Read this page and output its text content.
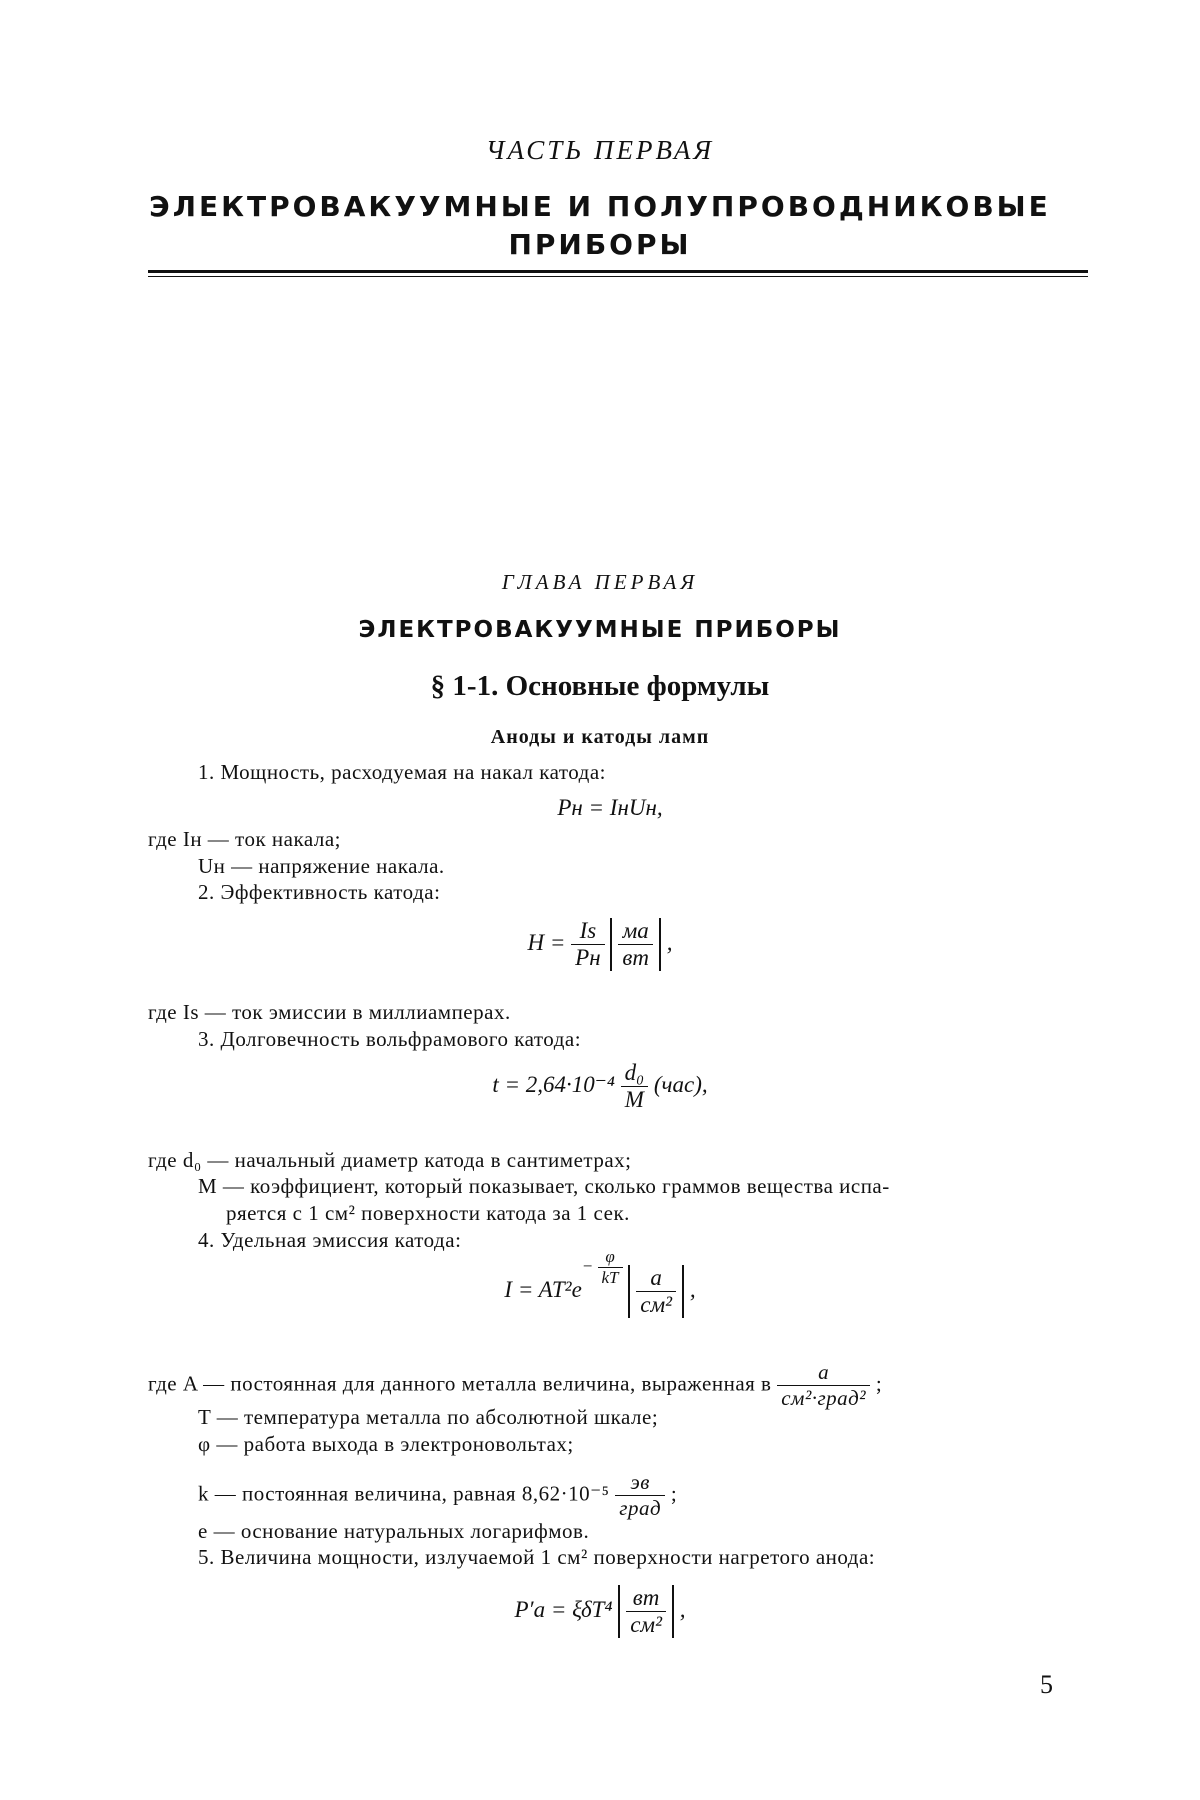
ЧАСТЬ ПЕРВАЯ
ЭЛЕКТРОВАКУУМНЫЕ И ПОЛУПРОВОДНИКОВЫЕ
ПРИБОРЫ
ГЛАВА ПЕРВАЯ
ЭЛЕКТРОВАКУУМНЫЕ ПРИБОРЫ
§ 1-1. Основные формулы
Аноды и катоды ламп
1. Мощность, расходуемая на накал катода:
Pн = IнUн,
где Iн — ток накала;
Uн — напряжение накала.
2. Эффективность катода:
$H = \frac{Is}{Pн}$
$\frac{ма}{вт}$ ,
где Is — ток эмиссии в миллиамперах.
3. Долговечность вольфрамового катода:
$t = 2,64\cdot 10^{-4} \frac{\text{d₀}}{M} (час)$,
где d₀ — начальный диаметр катода в сантиметрах;
M — коэффициент, который показывает, сколько граммов вещества испа-
ряется с 1 см² поверхности катода за 1 сек.
4. Удельная эмиссия катода:
$I = AT^2e- \frac{\varphi}{kT}$
$\frac{a}{\text{см²}}$ ,
где A — постоянная для данного металла величина, выраженная в $\frac{a}{\text{см²·град²}}$ ;
T — температура металла по абсолютной шкале;
φ — работа выхода в электроновольтах;
k — постоянная величина, равная $8,62\cdot 10^{-5} \frac{эв}{\text{град}}$ ;
e — основание натуральных логарифмов.
5. Величина мощности, излучаемой 1 см² поверхности нагретого анода:
$P'а = \xi\delta T^4 \frac{вт}{\text{см²}}$ ,
5
